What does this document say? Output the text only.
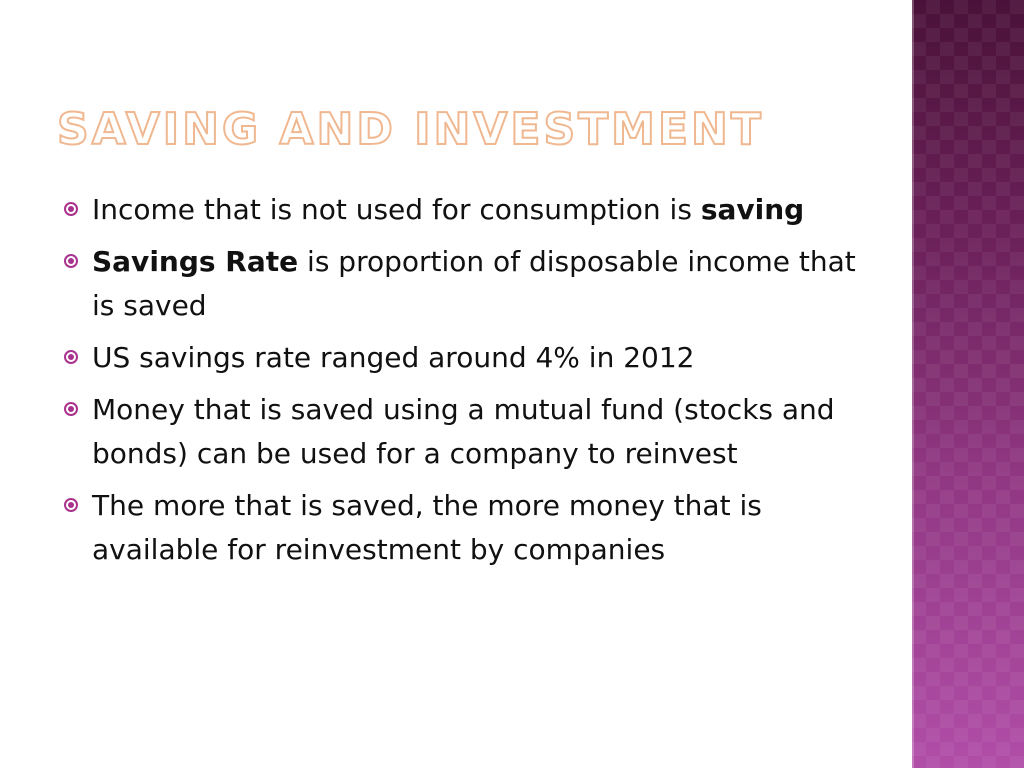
SAVING AND INVESTMENT
Income that is not used for consumption is saving
Savings Rate is proportion of disposable income that is saved
US savings rate ranged around 4% in 2012
Money that is saved using a mutual fund (stocks and bonds) can be used for a company to reinvest
The more that is saved, the more money that is available for reinvestment by companies
